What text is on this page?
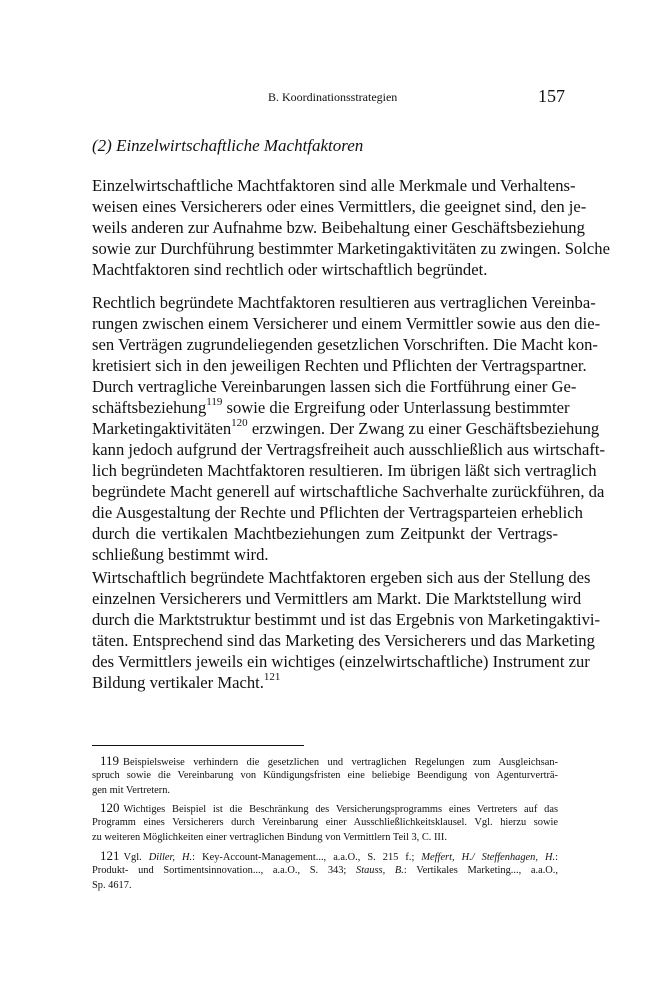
B. Koordinationsstrategien	157
(2) Einzelwirtschaftliche Machtfaktoren
Einzelwirtschaftliche Machtfaktoren sind alle Merkmale und Verhaltens-
weisen eines Versicherers oder eines Vermittlers, die geeignet sind, den je-
weils anderen zur Aufnahme bzw. Beibehaltung einer Geschäftsbeziehung
sowie zur Durchführung bestimmter Marketingaktivitäten zu zwingen. Solche
Machtfaktoren sind rechtlich oder wirtschaftlich begründet.
Rechtlich begründete Machtfaktoren resultieren aus vertraglichen Vereinba-
rungen zwischen einem Versicherer und einem Vermittler sowie aus den die-
sen Verträgen zugrundeliegenden gesetzlichen Vorschriften. Die Macht kon-
kretisiert sich in den jeweiligen Rechten und Pflichten der Vertragspartner.
Durch vertragliche Vereinbarungen lassen sich die Fortführung einer Ge-
schäftsbeziehung$^{119}$ sowie die Ergreifung oder Unterlassung bestimmter
Marketingaktivitäten$^{120}$ erzwingen. Der Zwang zu einer Geschäftsbeziehung
kann jedoch aufgrund der Vertragsfreiheit auch ausschließlich aus wirtschaft-
lich begründeten Machtfaktoren resultieren. Im übrigen läßt sich vertraglich
begründete Macht generell auf wirtschaftliche Sachverhalte zurückführen, da
die Ausgestaltung der Rechte und Pflichten der Vertragsparteien erheblich
durch die vertikalen Machtbeziehungen zum Zeitpunkt der Vertrags-
schließung bestimmt wird.
Wirtschaftlich begründete Machtfaktoren ergeben sich aus der Stellung des
einzelnen Versicherers und Vermittlers am Markt. Die Marktstellung wird
durch die Marktstruktur bestimmt und ist das Ergebnis von Marketingaktivi-
täten. Entsprechend sind das Marketing des Versicherers und das Marketing
des Vermittlers jeweils ein wichtiges (einzelwirtschaftliche) Instrument zur
Bildung vertikaler Macht.$^{121}$
119 Beispielsweise verhindern die gesetzlichen und vertraglichen Regelungen zum Ausgleichsan-
spruch sowie die Vereinbarung von Kündigungsfristen eine beliebige Beendigung von Agenturverträ-
gen mit Vertretern.
120 Wichtiges Beispiel ist die Beschränkung des Versicherungsprogramms eines Vertreters auf das
Programm eines Versicherers durch Vereinbarung einer Ausschließlichkeitsklausel. Vgl. hierzu sowie
zu weiteren Möglichkeiten einer vertraglichen Bindung von Vermittlern Teil 3, C. III.
121 Vgl. Diller, H.: Key-Account-Management..., a.a.O., S. 215 f.; Meffert, H./ Steffenhagen, H.:
Produkt- und Sortimentsinnovation..., a.a.O., S. 343; Stauss, B.: Vertikales Marketing..., a.a.O.,
Sp. 4617.
